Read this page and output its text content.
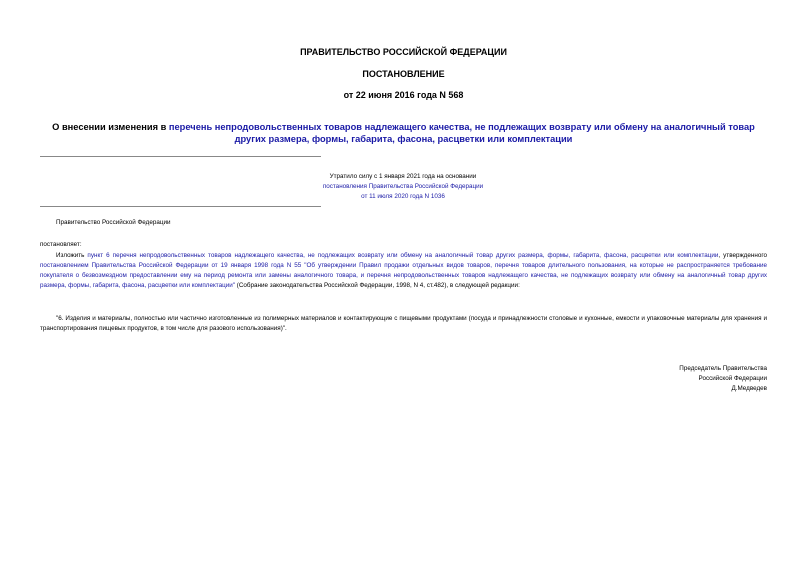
ПРАВИТЕЛЬСТВО РОССИЙСКОЙ ФЕДЕРАЦИИ
ПОСТАНОВЛЕНИЕ
от 22 июня 2016 года N 568
О внесении изменения в перечень непродовольственных товаров надлежащего качества, не подлежащих возврату или обмену на аналогичный товар других размера, формы, габарита, фасона, расцветки или комплектации
Утратило силу с 1 января 2021 года на основании
постановления Правительства Российской Федерации
от 11 июля 2020 года N 1036
Правительство Российской Федерации
постановляет:
Изложить пункт 6 перечня непродовольственных товаров надлежащего качества, не подлежащих возврату или обмену на аналогичный товар других размера, формы, габарита, фасона, расцветки или комплектации, утвержденного постановлением Правительства Российской Федерации от 19 января 1998 года N 55 "Об утверждении Правил продажи отдельных видов товаров, перечня товаров длительного пользования, на которые не распространяется требование покупателя о безвозмездном предоставлении ему на период ремонта или замены аналогичного товара, и перечня непродовольственных товаров надлежащего качества, не подлежащих возврату или обмену на аналогичный товар других размера, формы, габарита, фасона, расцветки или комплектации" (Собрание законодательства Российской Федерации, 1998, N 4, ст.482), в следующей редакции:
"6. Изделия и материалы, полностью или частично изготовленные из полимерных материалов и контактирующие с пищевыми продуктами (посуда и принадлежности столовые и кухонные, емкости и упаковочные материалы для хранения и транспортирования пищевых продуктов, в том числе для разового использования)".
Председатель Правительства
Российской Федерации
Д.Медведев
